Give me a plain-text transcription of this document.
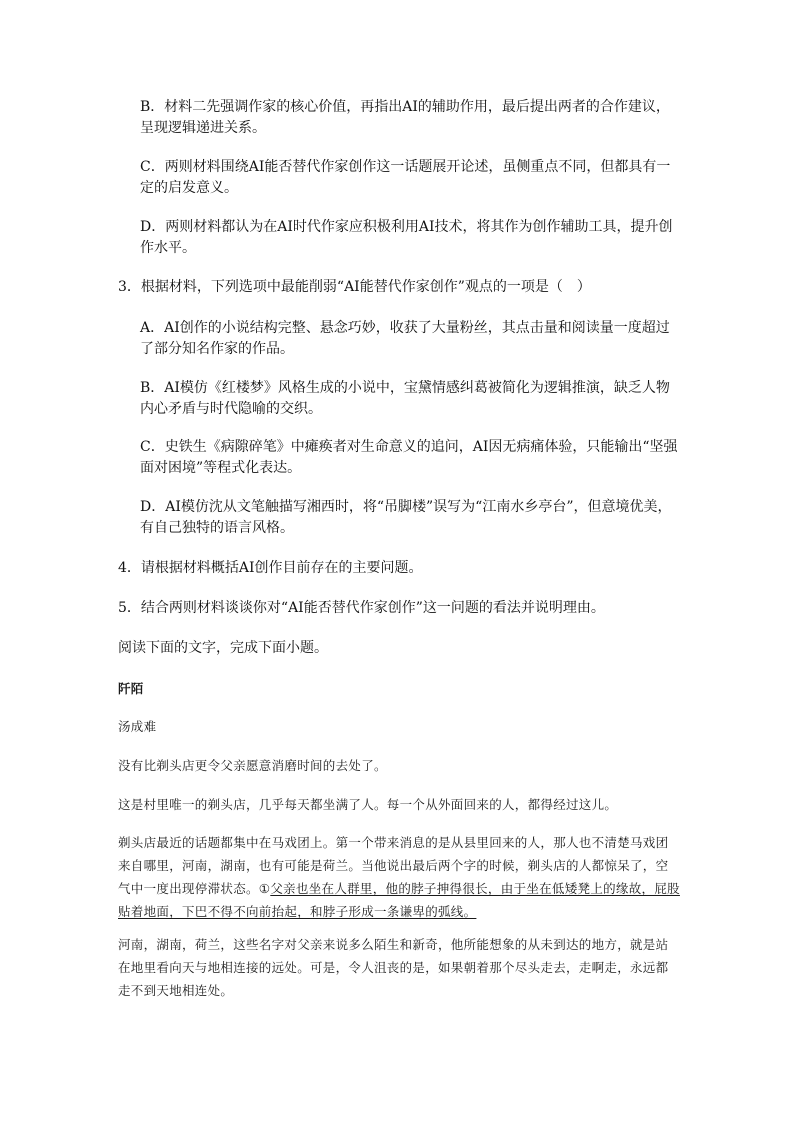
B．材料二先强调作家的核心价值，再指出AI的辅助作用，最后提出两者的合作建议，呈现逻辑递进关系。

C．两则材料围绕AI能否替代作家创作这一话题展开论述，虽侧重点不同，但都具有一定的启发意义。

D．两则材料都认为在AI时代作家应积极利用AI技术，将其作为创作辅助工具，提升创作水平。

3．根据材料，下列选项中最能削弱“AI能替代作家创作”观点的一项是（　）

A．AI创作的小说结构完整、悬念巧妙，收获了大量粉丝，其点击量和阅读量一度超过了部分知名作家的作品。

B．AI模仿《红楼梦》风格生成的小说中，宝黛情感纠葛被简化为逻辑推演，缺乏人物内心矛盾与时代隐喻的交织。

C．史铁生《病隙碎笔》中瘫痪者对生命意义的追问，AI因无病痛体验，只能输出“坚强面对困境”等程式化表达。

D．AI模仿沈从文笔触描写湘西时，将“吊脚楼”误写为“江南水乡亭台”，但意境优美，有自己独特的语言风格。

4．请根据材料概括AI创作目前存在的主要问题。

5．结合两则材料谈谈你对“AI能否替代作家创作”这一问题的看法并说明理由。

阅读下面的文字，完成下面小题。

阡陌

汤成难

没有比剃头店更令父亲愿意消磨时间的去处了。

这是村里唯一的剃头店，几乎每天都坐满了人。每一个从外面回来的人，都得经过这儿。

剃头店最近的话题都集中在马戏团上。第一个带来消息的是从县里回来的人，那人也不清楚马戏团来自哪里，河南，湖南，也有可能是荷兰。当他说出最后两个字的时候，剃头店的人都惊呆了，空气中一度出现停滞状态。①父亲也坐在人群里，他的脖子抻得很长，由于坐在低矮凳上的缘故，屁股贴着地面，下巴不得不向前抬起，和脖子形成一条谦卑的弧线。

河南，湖南，荷兰，这些名字对父亲来说多么陌生和新奇，他所能想象的从未到达的地方，就是站在地里看向天与地相连接的远处。可是，令人沮丧的是，如果朝着那个尽头走去，走啊走，永远都走不到天地相连处。
